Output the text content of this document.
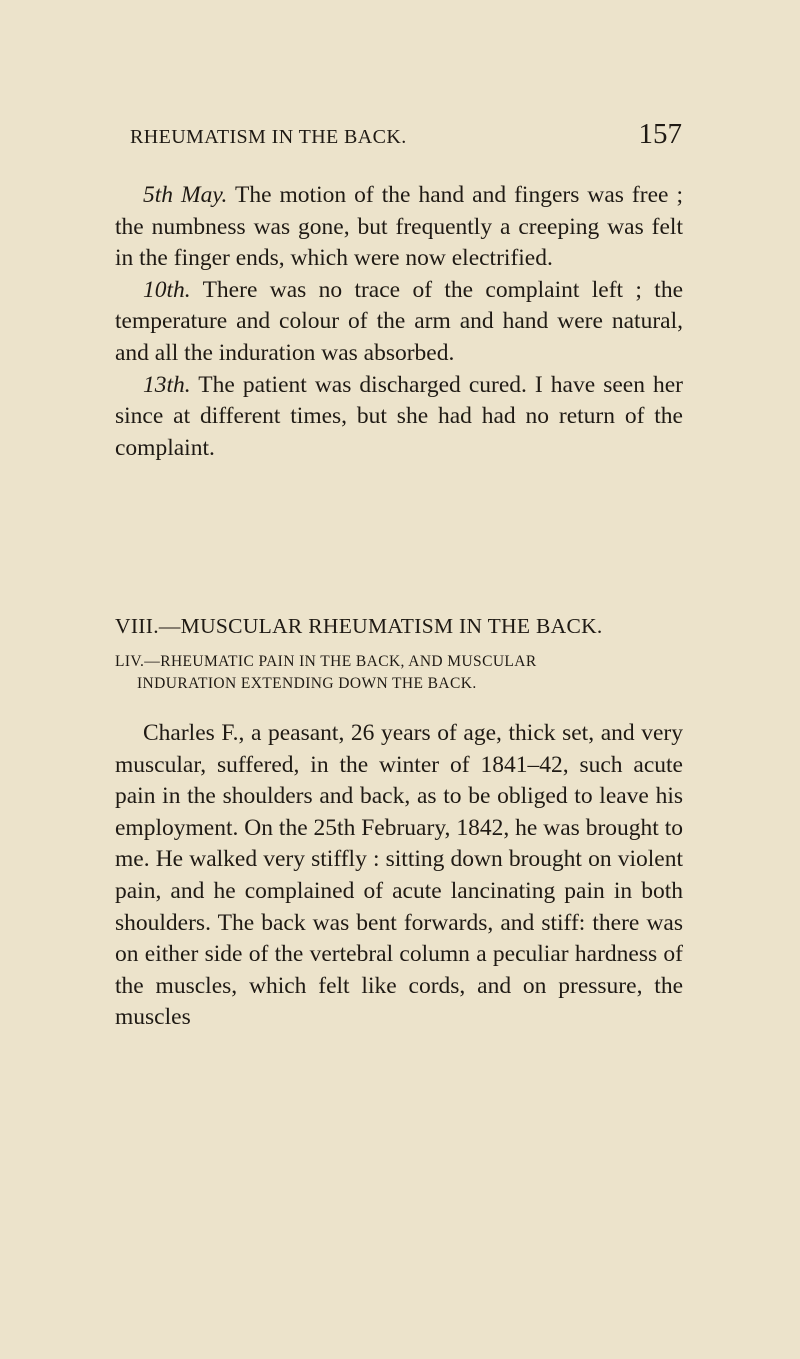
RHEUMATISM IN THE BACK.	157

5th May. The motion of the hand and fingers was free ; the numbness was gone, but frequently a creeping was felt in the finger ends, which were now electrified.

10th. There was no trace of the complaint left ; the temperature and colour of the arm and hand were natural, and all the induration was absorbed.

13th. The patient was discharged cured. I have seen her since at different times, but she had had no return of the complaint.

VIII.—MUSCULAR RHEUMATISM IN THE BACK.
LIV.—RHEUMATIC PAIN IN THE BACK, AND MUSCULAR
INDURATION EXTENDING DOWN THE BACK.

Charles F., a peasant, 26 years of age, thick set, and very muscular, suffered, in the winter of 1841–42, such acute pain in the shoulders and back, as to be obliged to leave his employment. On the 25th February, 1842, he was brought to me. He walked very stiffly : sitting down brought on violent pain, and he complained of acute lancinating pain in both shoulders. The back was bent forwards, and stiff: there was on either side of the vertebral column a peculiar hardness of the muscles, which felt like cords, and on pressure, the muscles
